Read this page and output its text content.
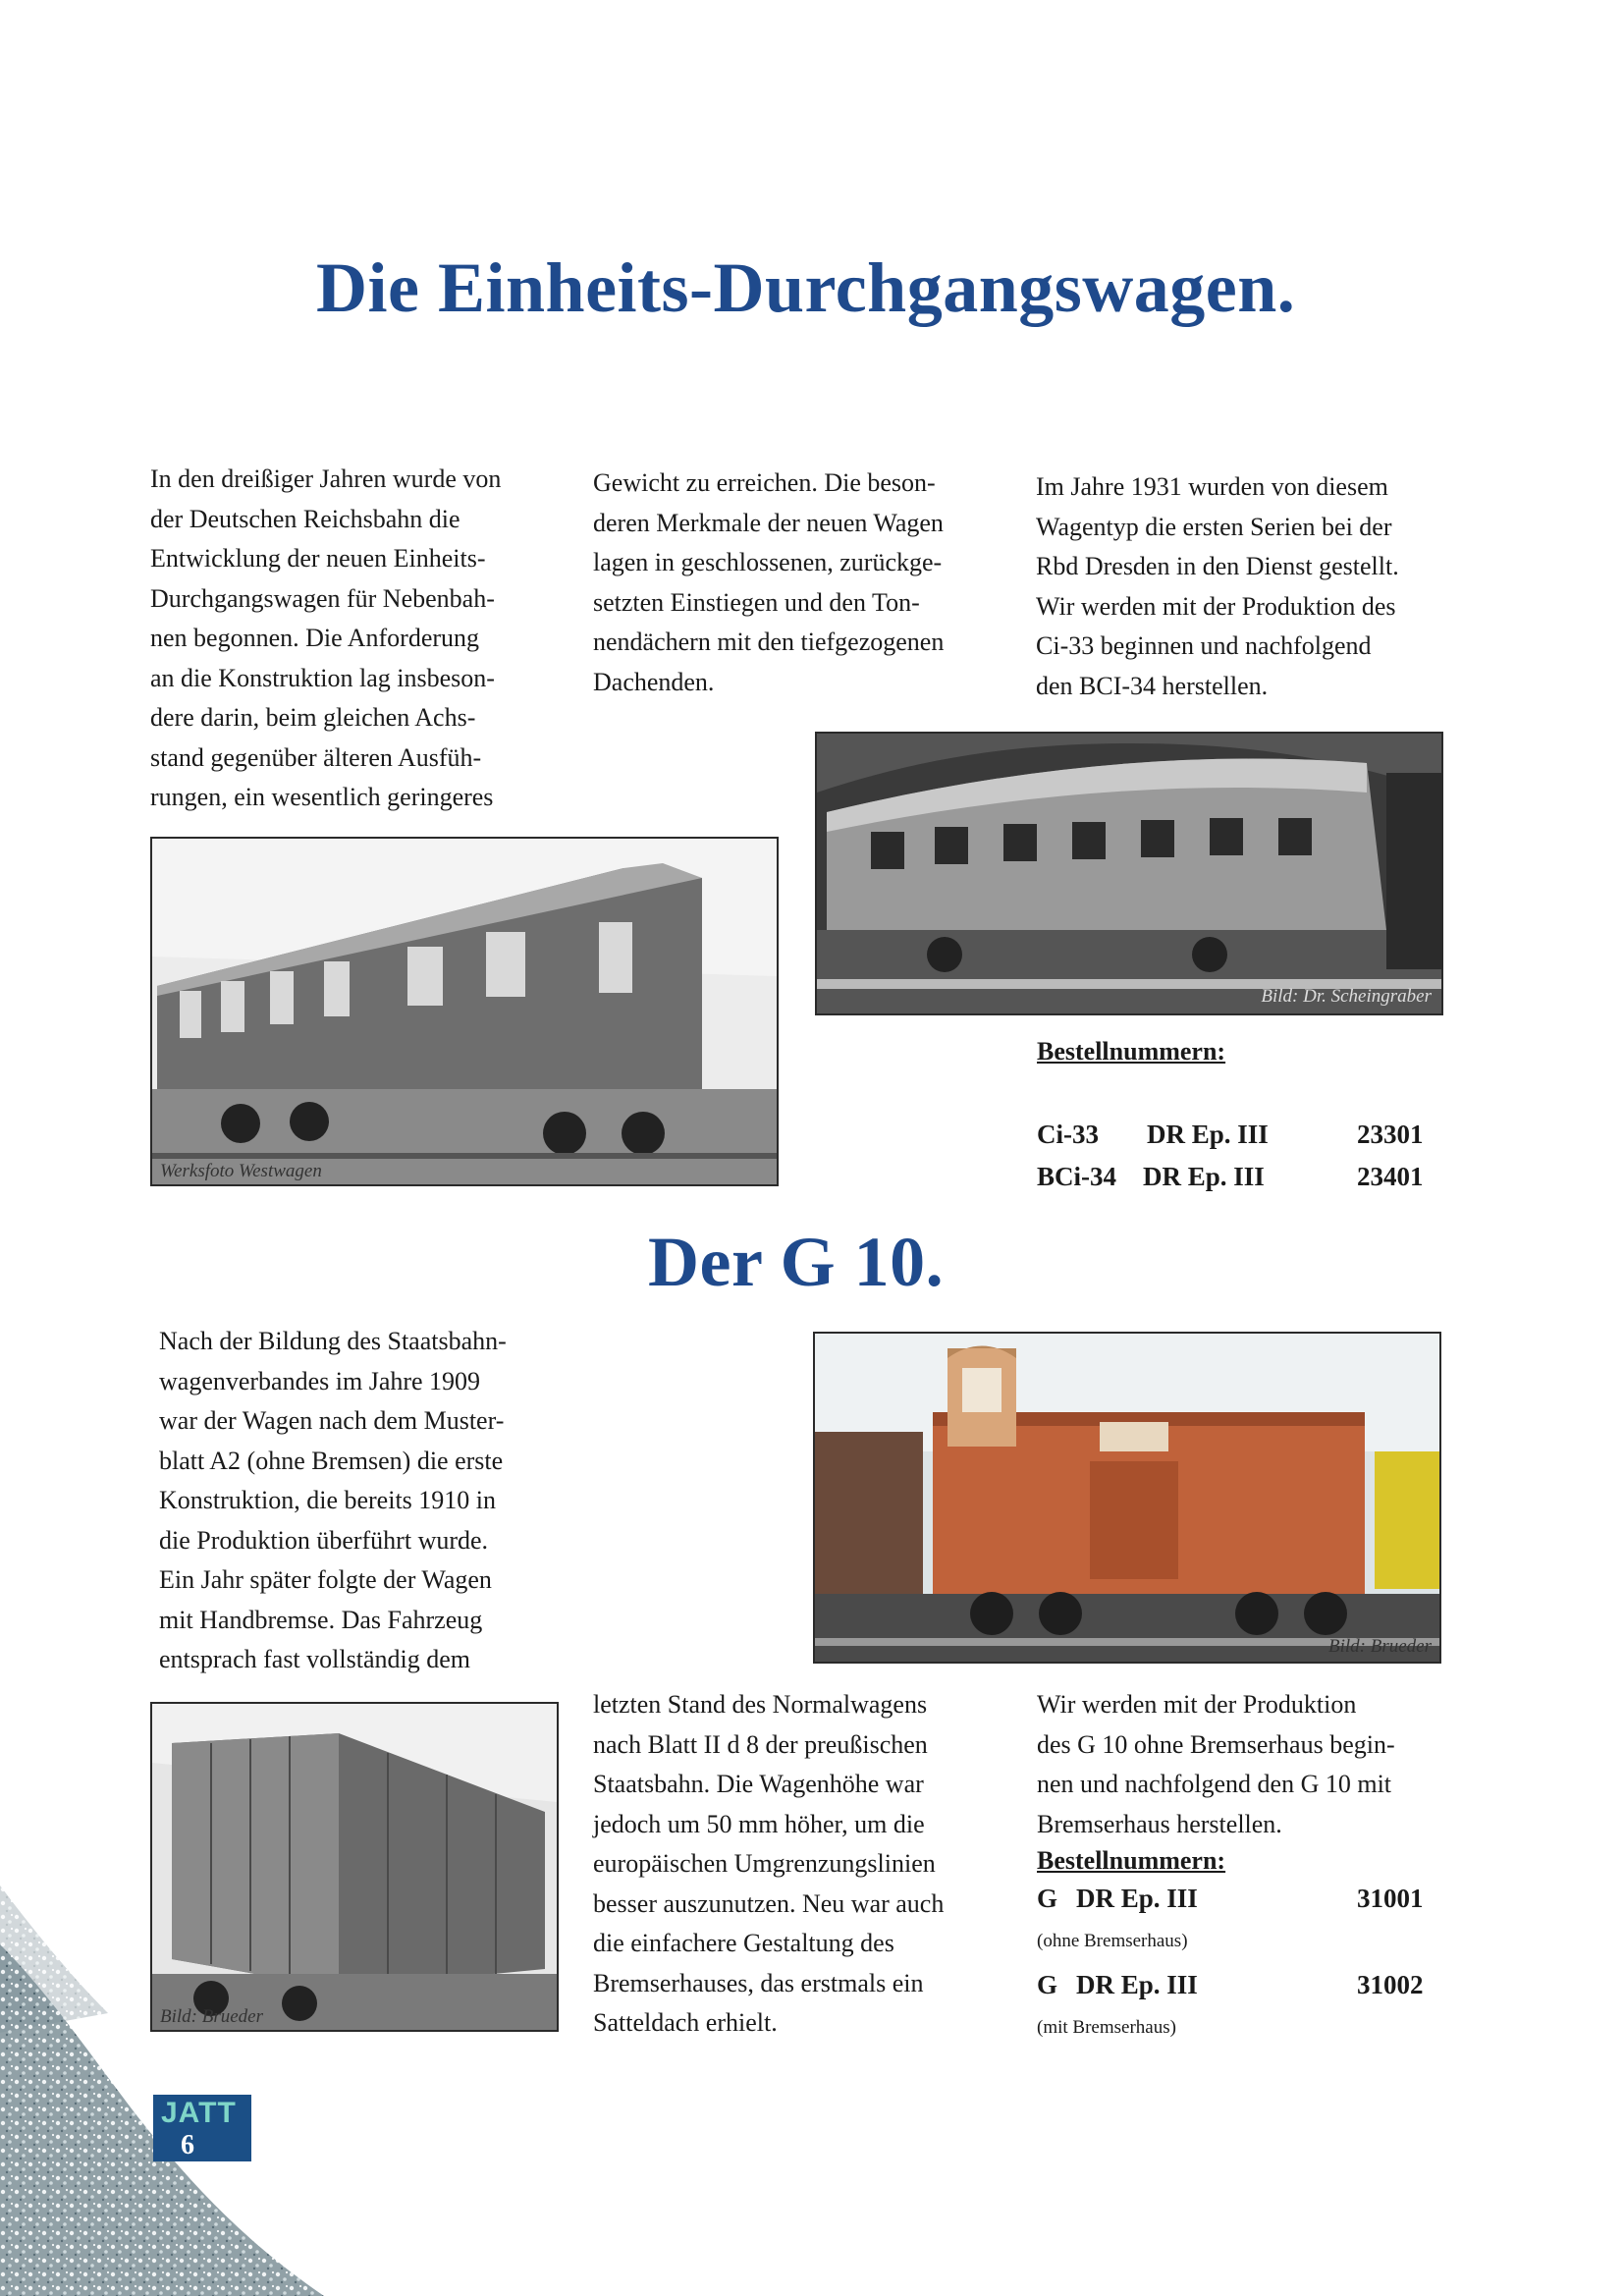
Die Einheits-Durchgangswagen.

In den dreißiger Jahren wurde von

der Deutschen Reichsbahn die

Entwicklung der neuen Einheits-

Durchgangswagen für Nebenbah-

nen begonnen. Die Anforderung

an die Konstruktion lag insbeson-

dere darin, beim gleichen Achs-

stand gegenüber älteren Ausfüh-

rungen, ein wesentlich geringeres

Gewicht zu erreichen. Die beson-

deren Merkmale der neuen Wagen

lagen in geschlossenen, zurückge-

setzten Einstiegen und den Ton-

nendächern mit den tiefgezogenen

Dachenden.

Im Jahre 1931 wurden von diesem

Wagentyp die ersten Serien bei der

Rbd Dresden in den Dienst gestellt.

Wir werden mit der Produktion des

Ci-33 beginnen und nachfolgend

den BCI-34 herstellen.

Bild: Dr. Scheingraber
Werksfoto Westwagen
Bestellnummern:
Ci-33 DR Ep. III	23301
BCi-34 DR Ep. III	23401
Der G 10.

Nach der Bildung des Staatsbahn-

wagenverbandes im Jahre 1909

war der Wagen nach dem Muster-

blatt A2 (ohne Bremsen) die erste

Konstruktion, die bereits 1910 in

die Produktion überführt wurde.

Ein Jahr später folgte der Wagen

mit Handbremse. Das Fahrzeug

entsprach fast vollständig dem	Bild: Brueder
Bild: Brueder

letzten Stand des Normalwagens

nach Blatt II d 8 der preußischen

Staatsbahn. Die Wagenhöhe war

jedoch um 50 mm höher, um die

europäischen Umgrenzungslinien

besser auszunutzen. Neu war auch

die einfachere Gestaltung des

Bremserhauses, das erstmals ein

Satteldach erhielt.

Wir werden mit der Produktion

des G 10 ohne Bremserhaus begin-

nen und nachfolgend den G 10 mit

Bremserhaus herstellen.

Bestellnummern:
G DR Ep. III	31001
(ohne Bremserhaus)
G DR Ep. III	31002
(mit Bremserhaus)
JATT
6
